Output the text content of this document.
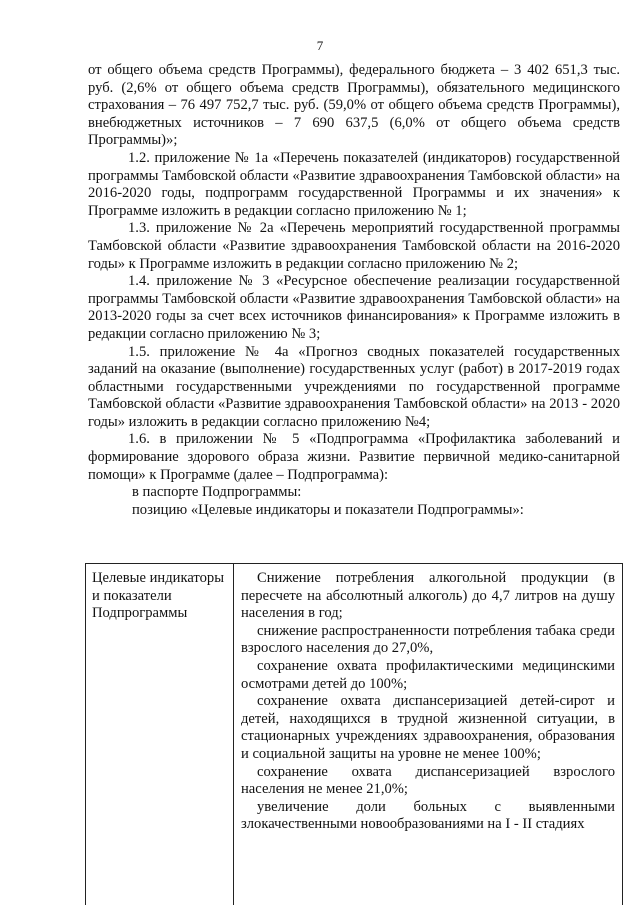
7

от общего объема средств Программы), федерального бюджета – 3 402 651,3 тыс. руб. (2,6% от общего объема средств Программы), обязательного медицинского страхования – 76 497 752,7 тыс. руб. (59,0% от общего объема средств Программы), внебюджетных источников – 7 690 637,5 (6,0% от общего объема средств Программы)»;

1.2. приложение № 1а «Перечень показателей (индикаторов) государственной программы Тамбовской области «Развитие здравоохранения Тамбовской области» на 2016-2020 годы, подпрограмм государственной Программы и их значения» к Программе изложить в редакции согласно приложению № 1;

1.3. приложение № 2а «Перечень мероприятий государственной программы Тамбовской области «Развитие здравоохранения Тамбовской области на 2016-2020 годы» к Программе изложить в редакции согласно приложению № 2;

1.4. приложение № 3 «Ресурсное обеспечение реализации государственной программы Тамбовской области «Развитие здравоохранения Тамбовской области» на 2013-2020 годы за счет всех источников финансирования» к Программе изложить в редакции согласно приложению № 3;

1.5. приложение № 4а «Прогноз сводных показателей государственных заданий на оказание (выполнение) государственных услуг (работ) в 2017-2019 годах областными государственными учреждениями по государственной программе Тамбовской области «Развитие здравоохранения Тамбовской области» на 2013 - 2020 годы» изложить в редакции согласно приложению №4;

1.6. в приложении № 5 «Подпрограмма «Профилактика заболеваний и формирование здорового образа жизни. Развитие первичной медико-санитарной помощи» к Программе (далее – Подпрограмма):

в паспорте Подпрограммы:

позицию «Целевые индикаторы и показатели Подпрограммы»:

Целевые индикаторы
и показатели
Подпрограммы

Снижение потребления алкогольной продукции (в пересчете на абсолютный алкоголь) до 4,7 литров на душу населения в год;

снижение распространенности потребления табака среди взрослого населения до 27,0%,

сохранение охвата профилактическими медицинскими осмотрами детей до 100%;

сохранение охвата диспансеризацией детей-сирот и детей, находящихся в трудной жизненной ситуации, в стационарных учреждениях здравоохранения, образования и социальной защиты на уровне не менее 100%;

сохранение охвата диспансеризацией взрослого населения не менее 21,0%;

увеличение доли больных с выявленными злокачественными новообразованиями на I - II стадиях
